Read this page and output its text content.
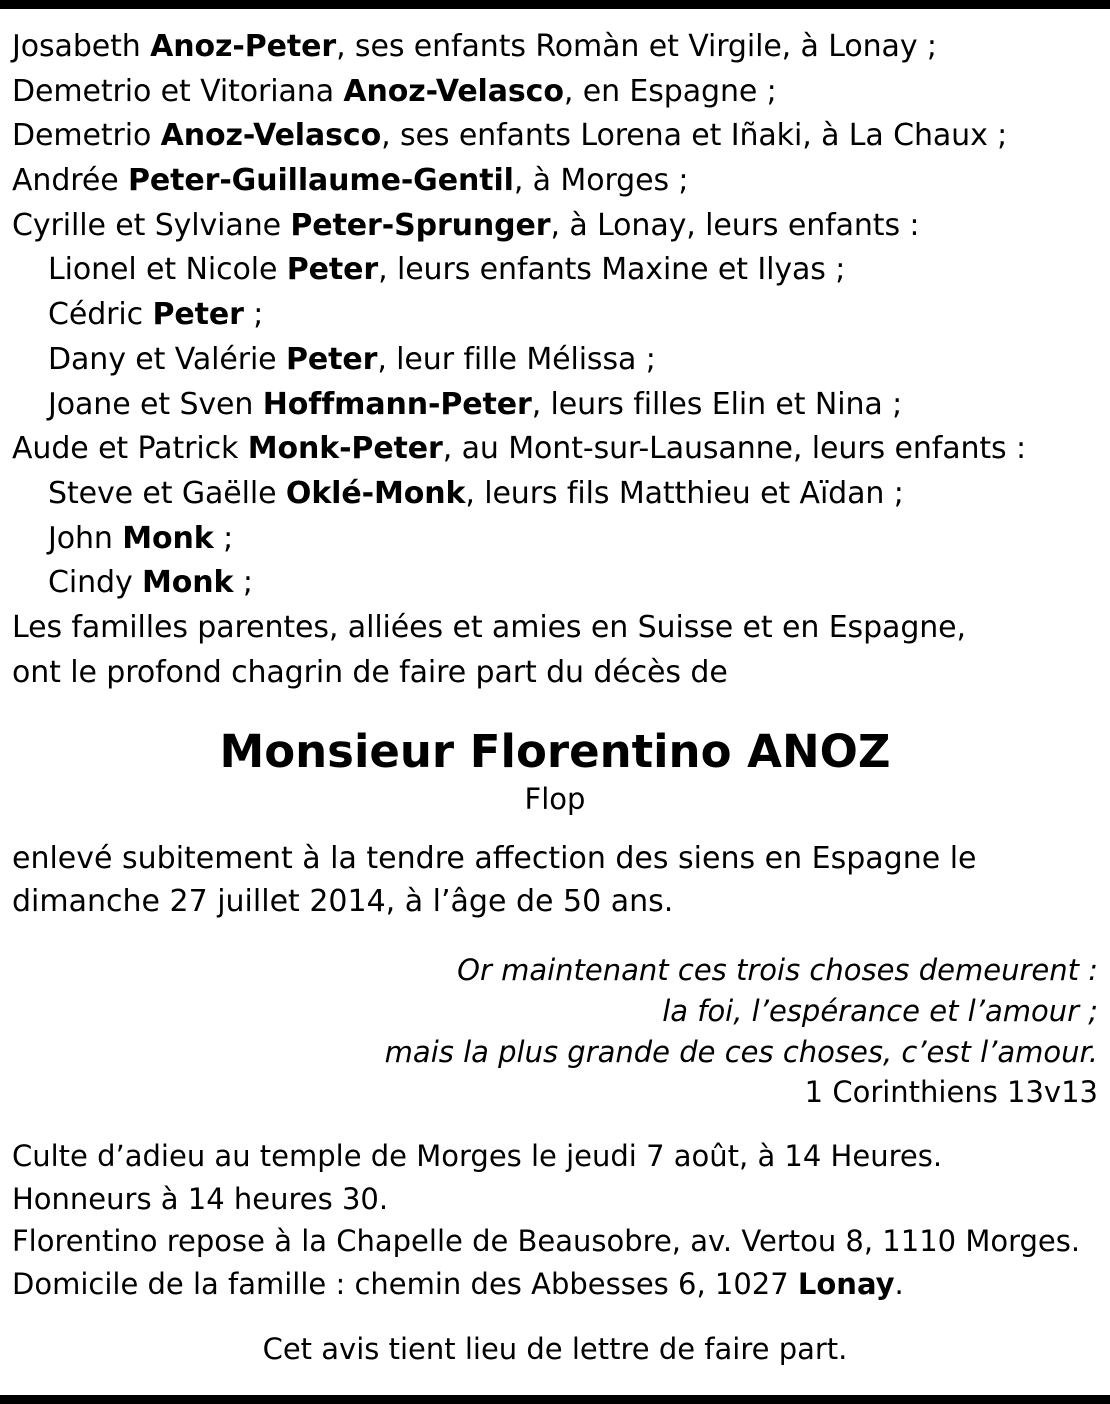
Josabeth Anoz-Peter, ses enfants Romàn et Virgile, à Lonay ;
Demetrio et Vitoriana Anoz-Velasco, en Espagne ;
Demetrio Anoz-Velasco, ses enfants Lorena et Iñaki, à La Chaux ;
Andrée Peter-Guillaume-Gentil, à Morges ;
Cyrille et Sylviane Peter-Sprunger, à Lonay, leurs enfants :
Lionel et Nicole Peter, leurs enfants Maxine et Ilyas ;
Cédric Peter ;
Dany et Valérie Peter, leur fille Mélissa ;
Joane et Sven Hoffmann-Peter, leurs filles Elin et Nina ;
Aude et Patrick Monk-Peter, au Mont-sur-Lausanne, leurs enfants :
Steve et Gaëlle Oklé-Monk, leurs fils Matthieu et Aïdan ;
John Monk ;
Cindy Monk ;
Les familles parentes, alliées et amies en Suisse et en Espagne,
ont le profond chagrin de faire part du décès de
Monsieur Florentino ANOZ
Flop
enlevé subitement à la tendre affection des siens en Espagne le
dimanche 27 juillet 2014, à l’âge de 50 ans.
Or maintenant ces trois choses demeurent :
la foi, l’espérance et l’amour ;
mais la plus grande de ces choses, c’est l’amour.
1 Corinthiens 13v13
Culte d’adieu au temple de Morges le jeudi 7 août, à 14 Heures.
Honneurs à 14 heures 30.
Florentino repose à la Chapelle de Beausobre, av. Vertou 8, 1110 Morges.
Domicile de la famille : chemin des Abbesses 6, 1027 Lonay.
Cet avis tient lieu de lettre de faire part.
